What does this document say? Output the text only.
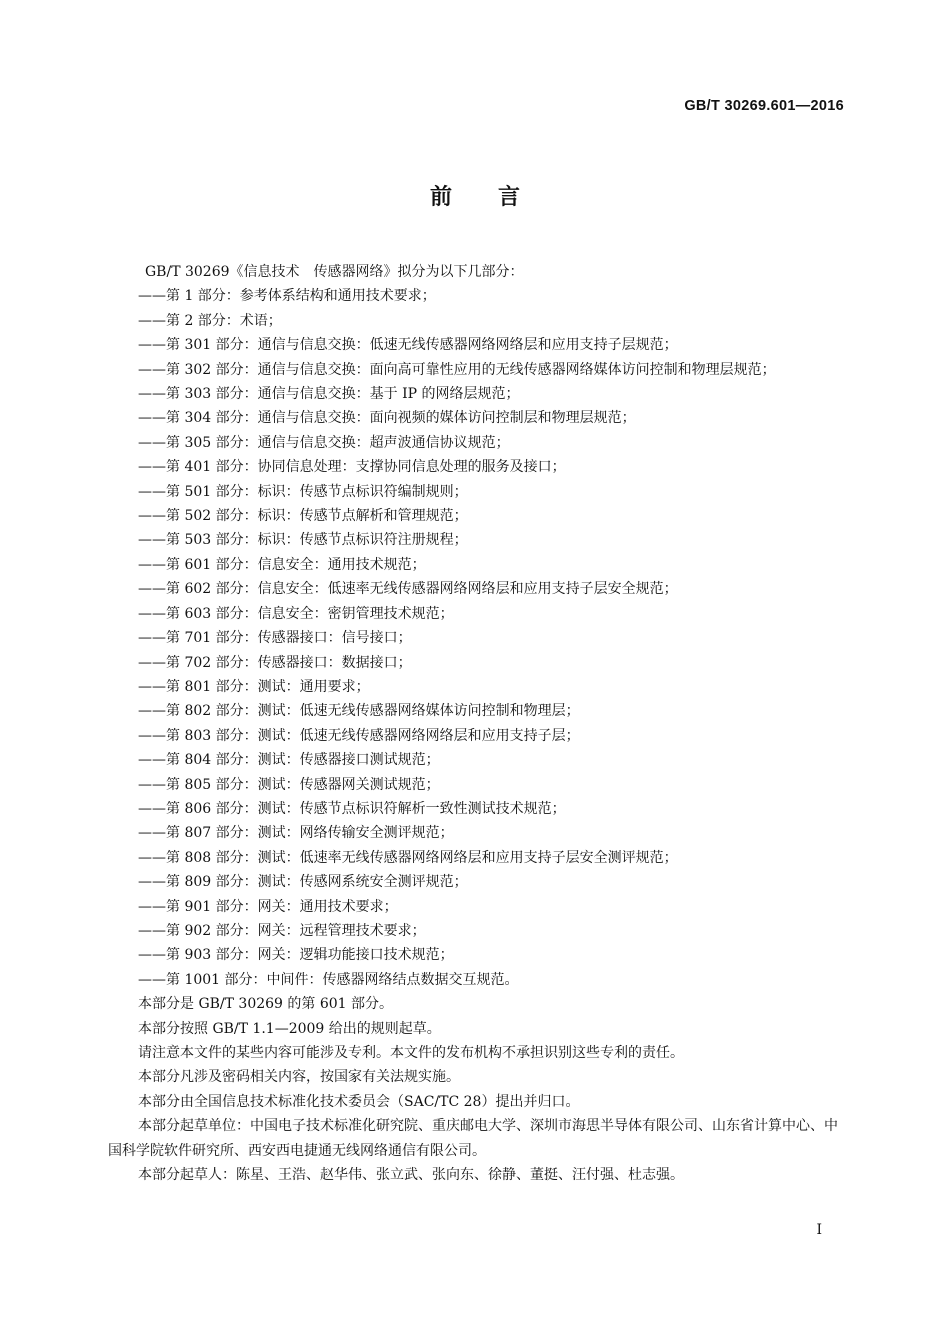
GB/T 30269.601—2016
前言
GB/T 30269《信息技术　传感器网络》拟分为以下几部分：
——第 1 部分：参考体系结构和通用技术要求；
——第 2 部分：术语；
——第 301 部分：通信与信息交换：低速无线传感器网络网络层和应用支持子层规范；
——第 302 部分：通信与信息交换：面向高可靠性应用的无线传感器网络媒体访问控制和物理层规范；
——第 303 部分：通信与信息交换：基于 IP 的网络层规范；
——第 304 部分：通信与信息交换：面向视频的媒体访问控制层和物理层规范；
——第 305 部分：通信与信息交换：超声波通信协议规范；
——第 401 部分：协同信息处理：支撑协同信息处理的服务及接口；
——第 501 部分：标识：传感节点标识符编制规则；
——第 502 部分：标识：传感节点解析和管理规范；
——第 503 部分：标识：传感节点标识符注册规程；
——第 601 部分：信息安全：通用技术规范；
——第 602 部分：信息安全：低速率无线传感器网络网络层和应用支持子层安全规范；
——第 603 部分：信息安全：密钥管理技术规范；
——第 701 部分：传感器接口：信号接口；
——第 702 部分：传感器接口：数据接口；
——第 801 部分：测试：通用要求；
——第 802 部分：测试：低速无线传感器网络媒体访问控制和物理层；
——第 803 部分：测试：低速无线传感器网络网络层和应用支持子层；
——第 804 部分：测试：传感器接口测试规范；
——第 805 部分：测试：传感器网关测试规范；
——第 806 部分：测试：传感节点标识符解析一致性测试技术规范；
——第 807 部分：测试：网络传输安全测评规范；
——第 808 部分：测试：低速率无线传感器网络网络层和应用支持子层安全测评规范；
——第 809 部分：测试：传感网系统安全测评规范；
——第 901 部分：网关：通用技术要求；
——第 902 部分：网关：远程管理技术要求；
——第 903 部分：网关：逻辑功能接口技术规范；
——第 1001 部分：中间件：传感器网络结点数据交互规范。
本部分是 GB/T 30269 的第 601 部分。
本部分按照 GB/T 1.1—2009 给出的规则起草。
请注意本文件的某些内容可能涉及专利。本文件的发布机构不承担识别这些专利的责任。
本部分凡涉及密码相关内容，按国家有关法规实施。
本部分由全国信息技术标准化技术委员会（SAC/TC 28）提出并归口。
本部分起草单位：中国电子技术标准化研究院、重庆邮电大学、深圳市海思半导体有限公司、山东省计算中心、中国科学院软件研究所、西安西电捷通无线网络通信有限公司。
本部分起草人：陈星、王浩、赵华伟、张立武、张向东、徐静、董挺、汪付强、杜志强。
I
